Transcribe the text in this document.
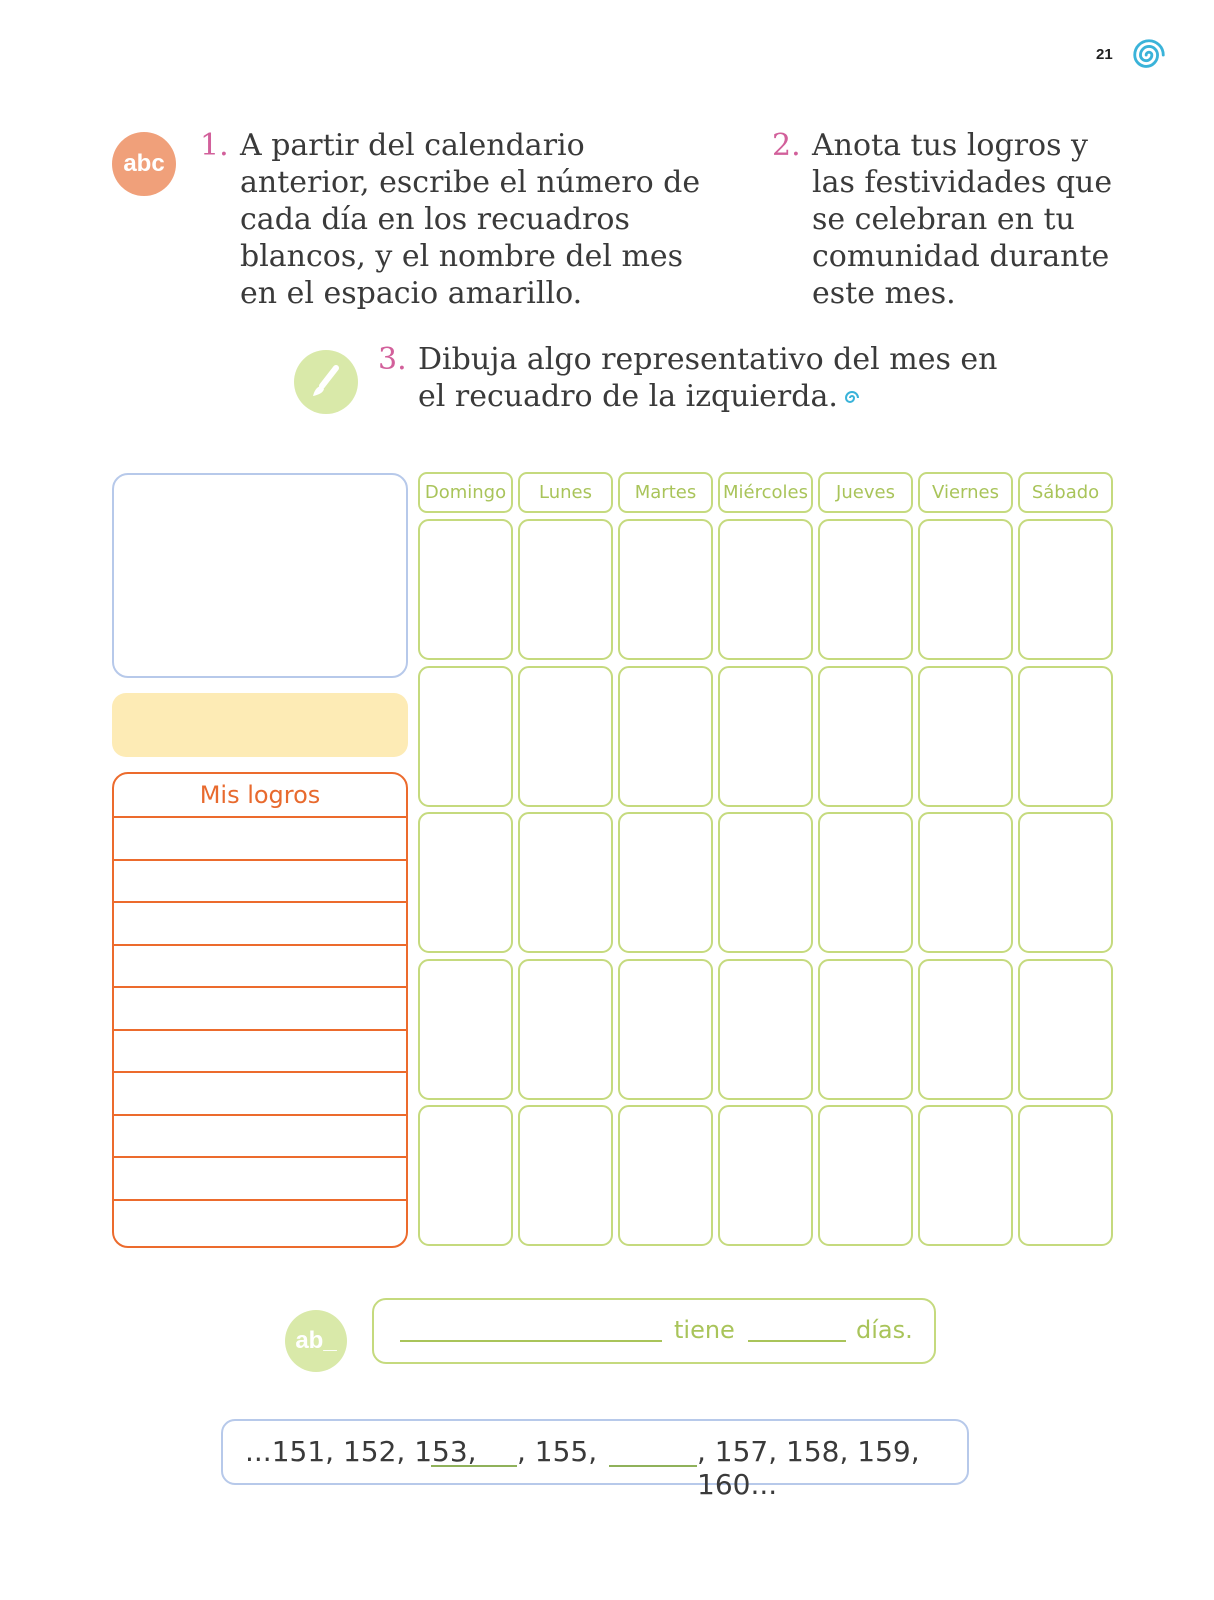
21
abc
ab_
1. A partir del calendario anterior, escribe el número de cada día en los recuadros blancos, y el nombre del mes en el espacio amarillo.
2. Anota tus logros y las festividades que se celebran en tu comunidad durante este mes.
3. Dibuja algo representativo del mes en el recuadro de la izquierda.
Mis logros
Domingo	Lunes	Martes	Miércoles	Jueves	Viernes	Sábado
tiene	días.
...151, 152, 153, , 155,	, 157, 158, 159, 160...
